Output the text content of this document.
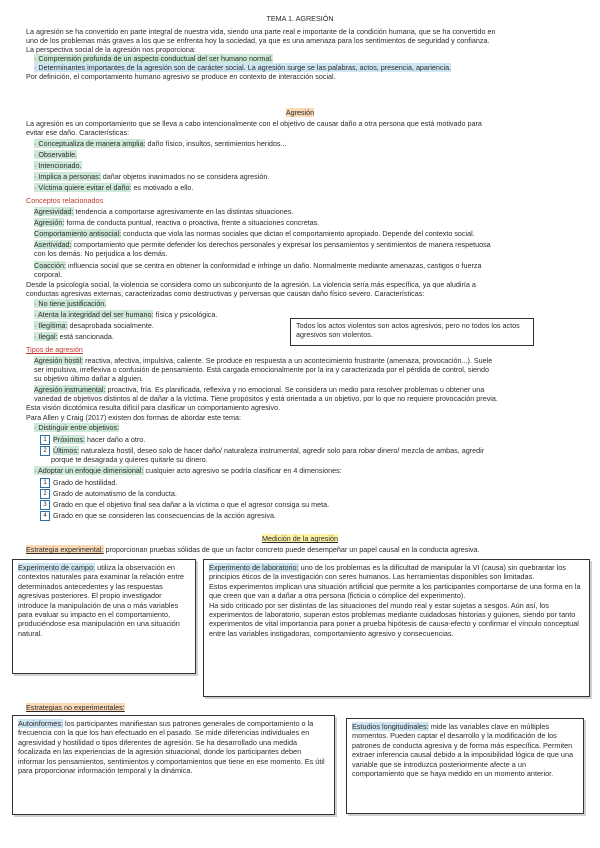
TEMA 1. AGRESIÓN
La agresión se ha convertido en parte integral de nuestra vida, siendo una parte real e importante de la condición humana, que se ha convertido en
uno de los problemas más graves a los que se enfrenta hoy la sociedad, ya que es una amenaza para los sentimientos de seguridad y confianza.
La perspectiva social de la agresión nos proporciona:
· Comprensión profunda de un aspecto conductual del ser humano normal.
· Determinantes importantes de la agresión son de carácter social. La agresión surge se las palabras, actos, presencia, apariencia.
Por definición, el comportamiento humano agresivo se produce en contexto de interacción social.
Agresión
La agresión es un comportamiento que se lleva a cabo intencionalmente con el objetivo de causar daño a otra persona que está motivado para
evitar ese daño. Características:
· Conceptualiza de manera amplia: daño físico, insultos, sentimientos heridos...
· Observable.
· Intencionado.
· Implica a personas: dañar objetos inanimados no se considera agresión.
· Víctima quiere evitar el daño: es motivado a ello.
Conceptos relacionados
Agresividad: tendencia a comportarse agresivamente en las distintas situaciones.
Agresión: forma de conducta puntual, reactiva o proactiva, frente a situaciones concretas.
Comportamiento antisocial: conducta que viola las normas sociales que dictan el comportamiento apropiado. Depende del contexto social.
Asertividad: comportamiento que permite defender los derechos personales y expresar los pensamientos y sentimientos de manera respetuosa
con los demás. No perjudica a los demás.
Coacción: influencia social que se centra en obtener la conformidad e infringe un daño. Normalmente mediante amenazas, castigos o fuerza
corporal.
Desde la psicología social, la violencia se considera como un subconjunto de la agresión. La violencia sería más específica, ya que aludiría a
conductas agresivas externas, caracterizadas como destructivas y perversas que causan daño físico severo. Características:
· No tiene justificación.
· Atenta la integridad del ser humano: física y psicológica.
· Ilegítima: desaprobada socialmente.
· Ilegal: está sancionada.
Todos los actos violentos son actos agresivos, pero no todos los actos agresivos son violentos.
Tipos de agresión
Agresión hostil: reactiva, afectiva, impulsiva, caliente. Se produce en respuesta a un acontecimiento frustrante (amenaza, provocación...). Suele
ser impulsiva, irreflexiva o confusión de pensamiento. Está cargada emocionalmente por la ira y caracterizada por el pérdida de control, siendo
su objetivo último dañar a alguien.
Agresión instrumental: proactiva, fría. Es planificada, reflexiva y no emocional. Se considera un medio para resolver problemas u obtener una
variedad de objetivos distintos al de dañar a la víctima. Tiene propósitos y está orientada a un objetivo, por lo que no requiere provocación previa.
Esta visión dicotómica resulta difícil para clasificar un comportamiento agresivo.
Para Allen y Craig (2017) existen dos formas de abordar este tema:
· Distinguir entre objetivos:
1 Próximos: hacer daño a otro.
2 Últimos: naturaleza hostil, deseo solo de hacer daño/ naturaleza instrumental, agredir solo para robar dinero/ mezcla de ambas, agredir
porque te desagrada y quieres quitarle su dinero.
· Adoptar un enfoque dimensional: cualquier acto agresivo se podría clasificar en 4 dimensiones:
1 Grado de hostilidad.
2 Grado de automatismo de la conducta.
3 Grado en que el objetivo final sea dañar a la víctima o que el agresor consiga su meta.
4 Grado en que se consideren las consecuencias de la acción agresiva.
Medición de la agresión
Estrategia experimental: proporcionan pruebas sólidas de que un factor concreto puede desempeñar un papel causal en la conducta agresiva.
Experimento de campo: utiliza la observación en contextos naturales para examinar la relación entre determinados antecedentes y las respuestas agresivas posteriores. El propio investigador introduce la manipulación de una o más variables para evaluar su impacto en el comportamiento, produciéndose esa manipulación en una situación natural.
Experimento de laboratorio: uno de los problemas es la dificultad de manipular la VI (causa) sin quebrantar los principios éticos de la investigación con seres humanos. Las herramientas disponibles son limitadas.
Estos experimentos implican una situación artificial que permite a los participantes comportarse de una forma en la que creen que van a dañar a otra persona (ficticia o cómplice del experimento).
Ha sido criticado por ser distintas de las situaciones del mundo real y estar sujetas a sesgos. Aún así, los experimentos de laboratorio, superan estos problemas mediante cuidadosas historias y guiones, siendo por tanto experimentos de vital importancia para poner a prueba hipótesis de causa-efecto y confirmar el vínculo conceptual entre las variables instigadoras, comportamiento agresivo y consecuencias.
Estrategias no experimentales:
Autoinformes: los participantes manifiestan sus patrones generales de comportamiento o la frecuencia con la que los han efectuado en el pasado. Se mide diferencias individuales en agresividad y hostilidad o tipos diferentes de agresión. Se ha desarrollado una medida focalizada en las experiencias de la agresión situacional, donde los participantes deben informar los pensamientos, sentimientos y comportamientos que tiene en ese momento. Es útil para proporcionar información temporal y la dinámica.
Estudios longitudinales: mide las variables clave en múltiples momentos. Pueden captar el desarrollo y la modificación de los patrones de conducta agresiva y de forma más específica. Permiten extraer inferencia causal debido a la imposibilidad lógica de que una variable que se introduzca posteriormente afecte a un comportamiento que se haya medido en un momento anterior.
